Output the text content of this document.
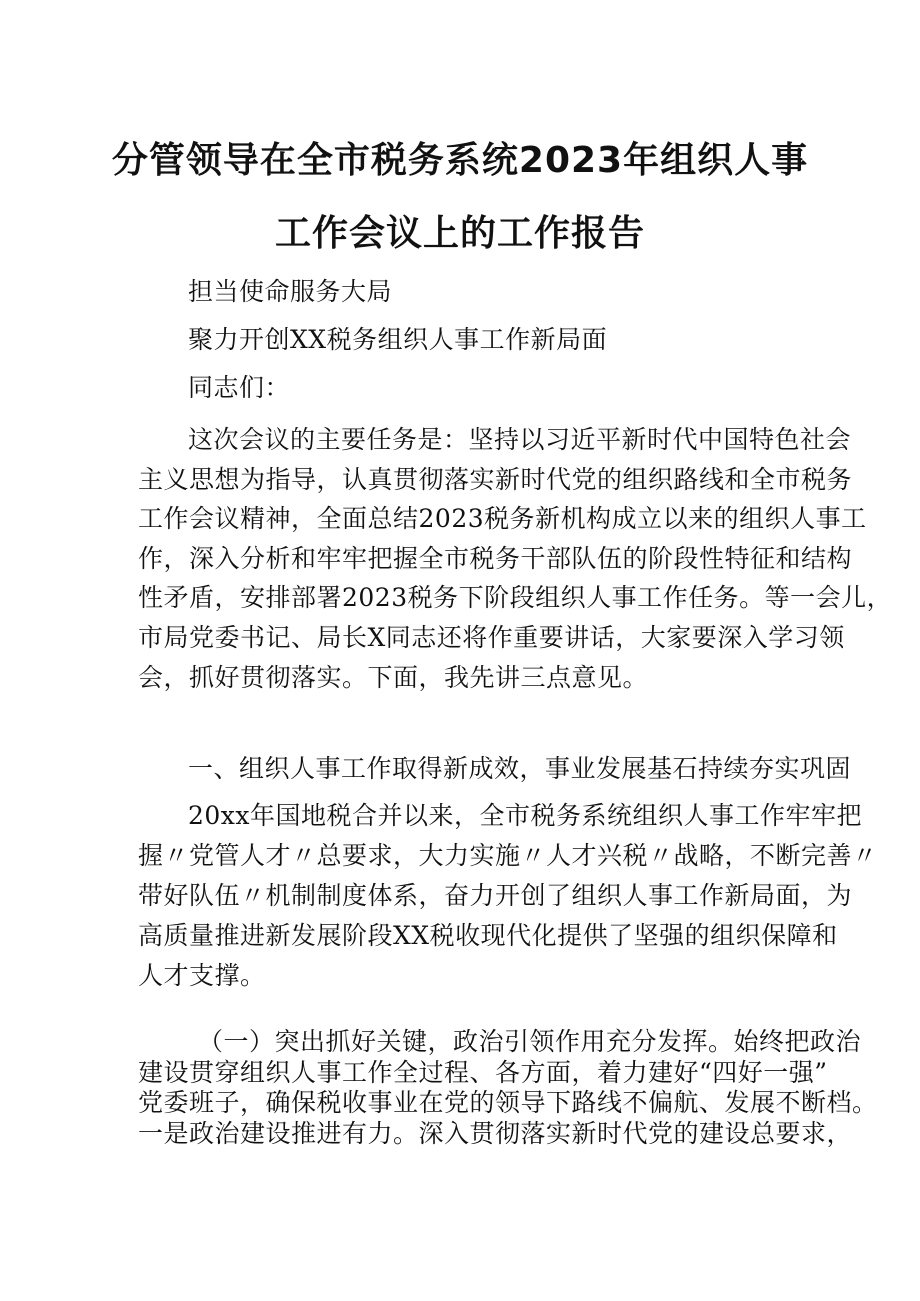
分管领导在全市税务系统2023年组织人事
工作会议上的工作报告
担当使命服务大局
聚力开创XX税务组织人事工作新局面
同志们：
这次会议的主要任务是：坚持以习近平新时代中国特色社会
主义思想为指导，认真贯彻落实新时代党的组织路线和全市税务
工作会议精神，全面总结2023税务新机构成立以来的组织人事工
作，深入分析和牢牢把握全市税务干部队伍的阶段性特征和结构
性矛盾，安排部署2023税务下阶段组织人事工作任务。等一会儿，
市局党委书记、局长X同志还将作重要讲话，大家要深入学习领
会，抓好贯彻落实。下面，我先讲三点意见。
一、组织人事工作取得新成效，事业发展基石持续夯实巩固
20xx年国地税合并以来，全市税务系统组织人事工作牢牢把
握〃党管人才〃总要求，大力实施〃人才兴税〃战略，不断完善〃
带好队伍〃机制制度体系，奋力开创了组织人事工作新局面，为
高质量推进新发展阶段XX税收现代化提供了坚强的组织保障和
人才支撑。
（一）突出抓好关键，政治引领作用充分发挥。始终把政治
建设贯穿组织人事工作全过程、各方面，着力建好“四好一强”
党委班子，确保税收事业在党的领导下路线不偏航、发展不断档。
一是政治建设推进有力。深入贯彻落实新时代党的建设总要求，
